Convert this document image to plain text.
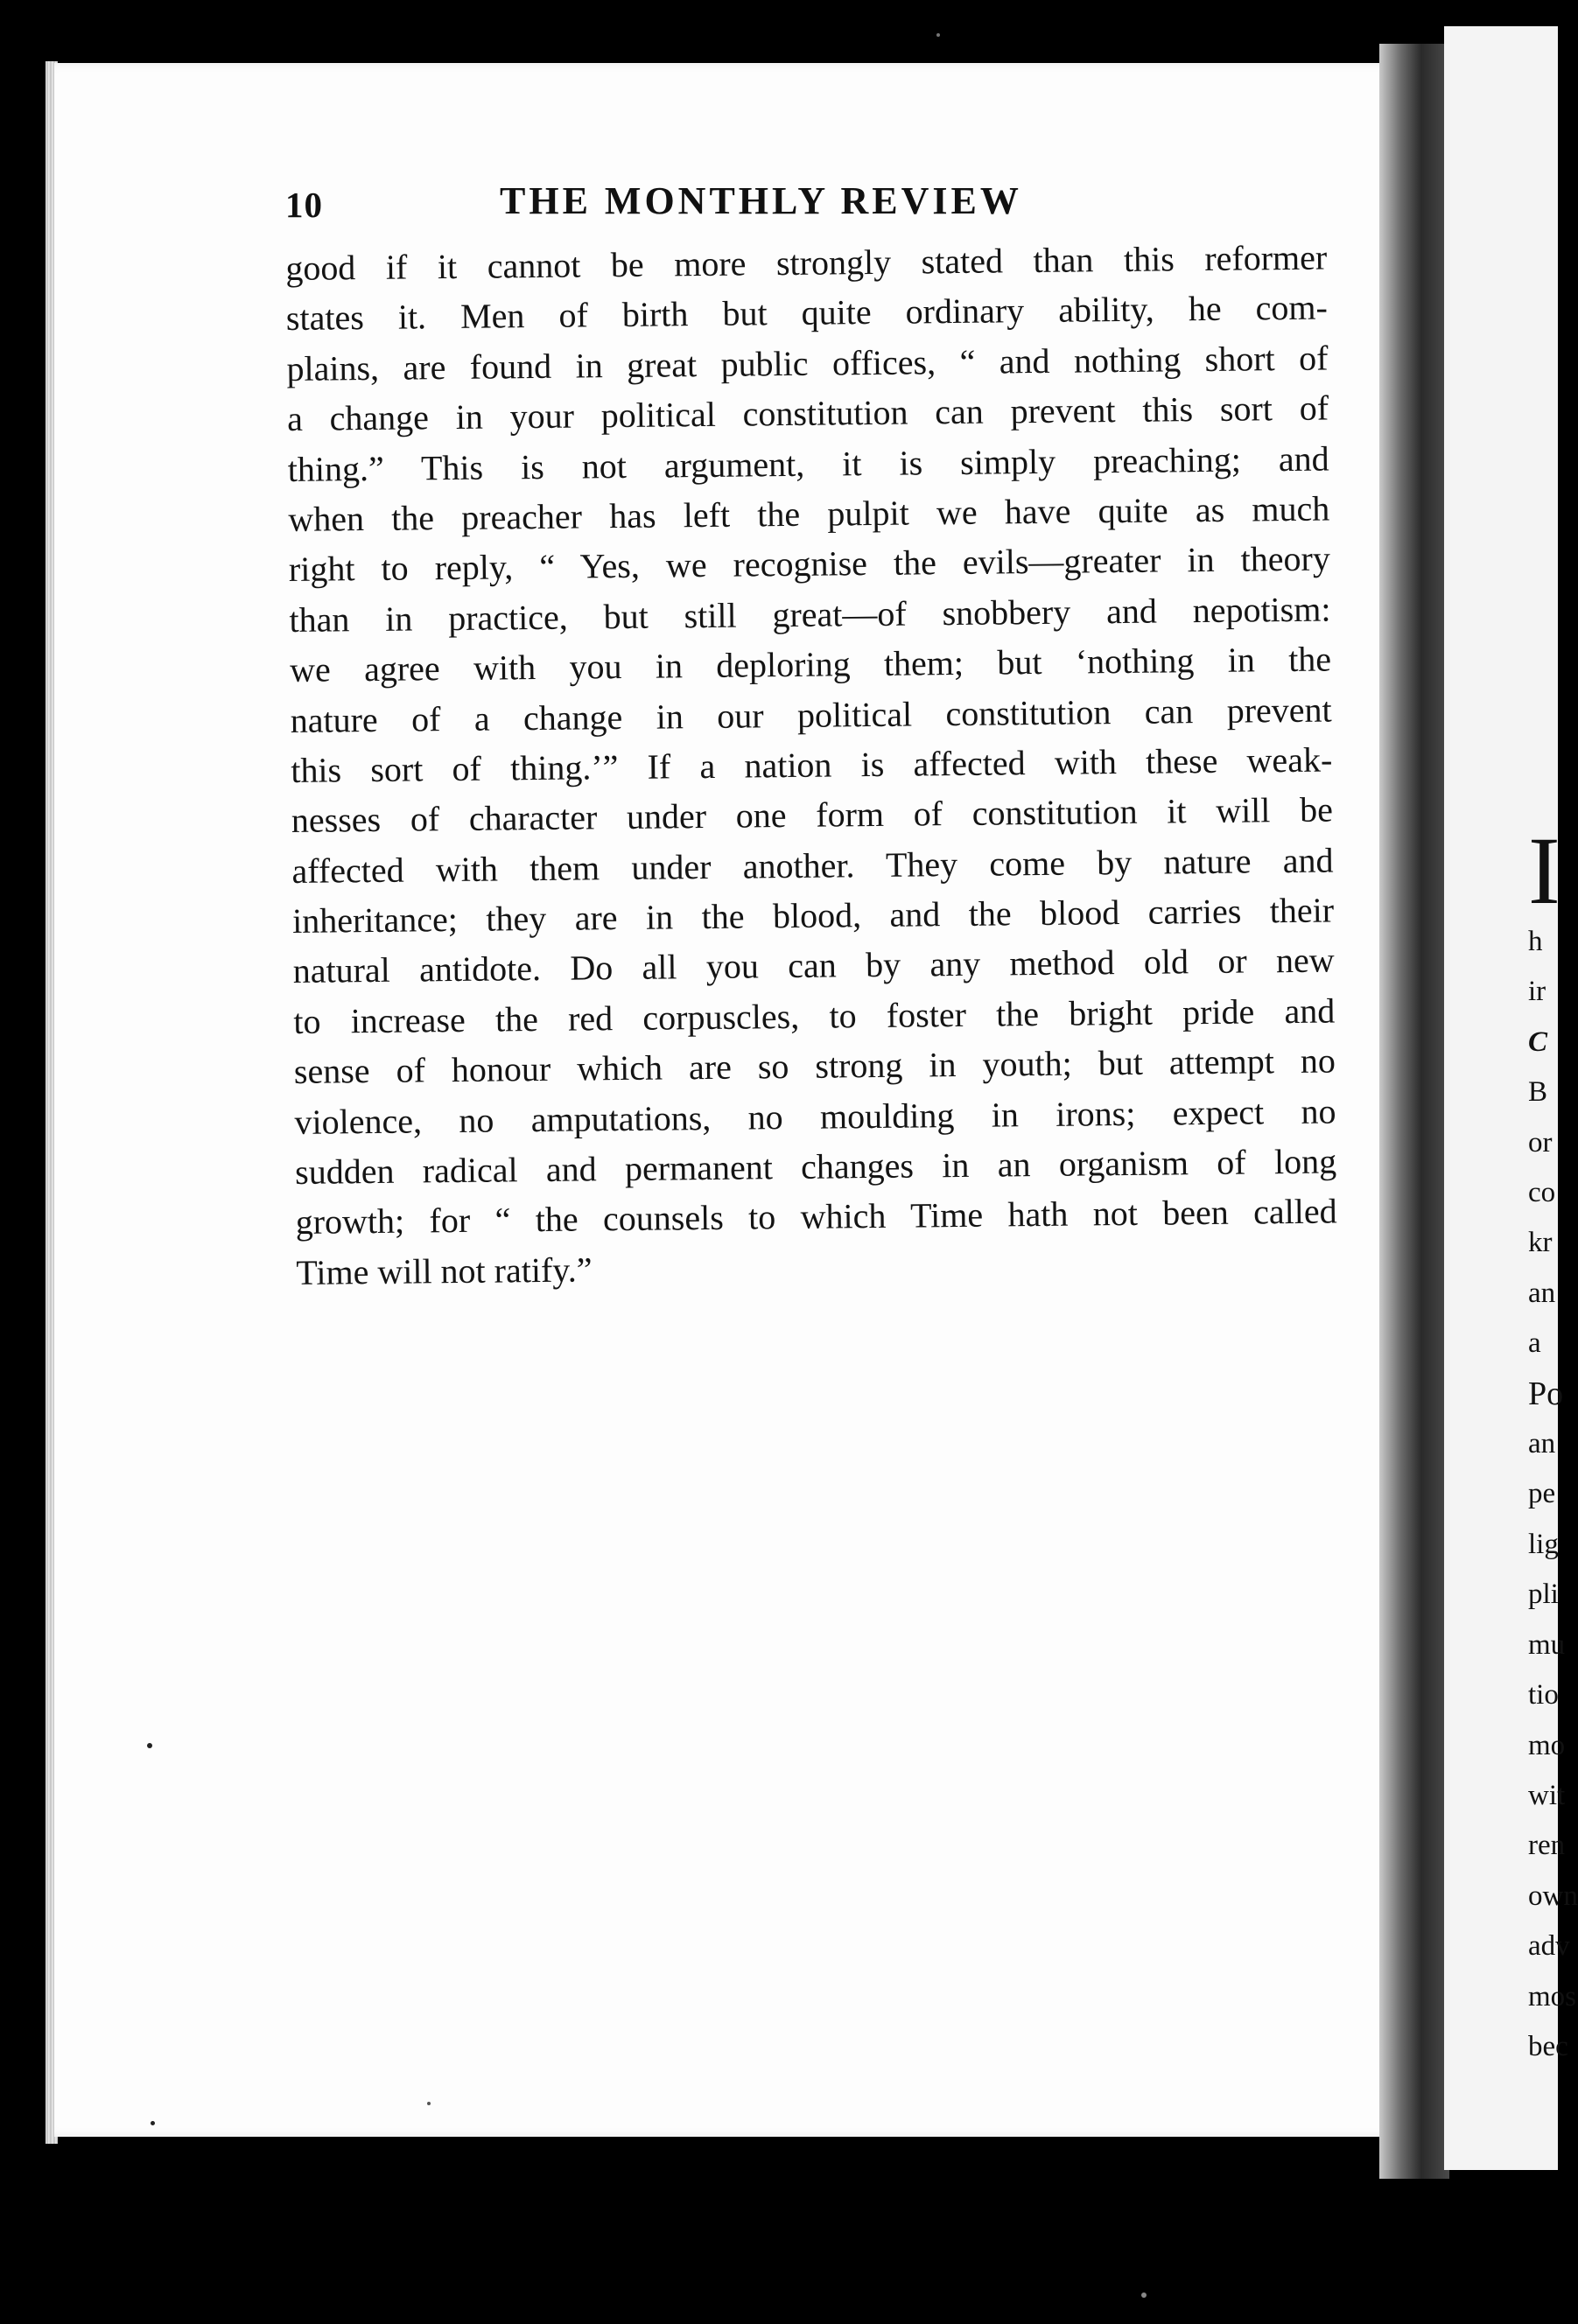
I
h
ir
C
B
or
co
kr
an
a
Po
an
pe
lig
pli
mu
tio
mo
wit
ren
own
adv
mos
bec
10	THE MONTHLY REVIEW
good if it cannot be more strongly stated than this reformer
states it. Men of birth but quite ordinary ability, he com-
plains, are found in great public offices, “ and nothing short of
a change in your political constitution can prevent this sort of
thing.” This is not argument, it is simply preaching; and
when the preacher has left the pulpit we have quite as much
right to reply, “ Yes, we recognise the evils—greater in theory
than in practice, but still great—of snobbery and nepotism:
we agree with you in deploring them; but ‘nothing in the
nature of a change in our political constitution can prevent
this sort of thing.’” If a nation is affected with these weak-
nesses of character under one form of constitution it will be
affected with them under another. They come by nature and
inheritance; they are in the blood, and the blood carries their
natural antidote. Do all you can by any method old or new
to increase the red corpuscles, to foster the bright pride and
sense of honour which are so strong in youth; but attempt no
violence, no amputations, no moulding in irons; expect no
sudden radical and permanent changes in an organism of long
growth; for “ the counsels to which Time hath not been called
Time will not ratify.”
